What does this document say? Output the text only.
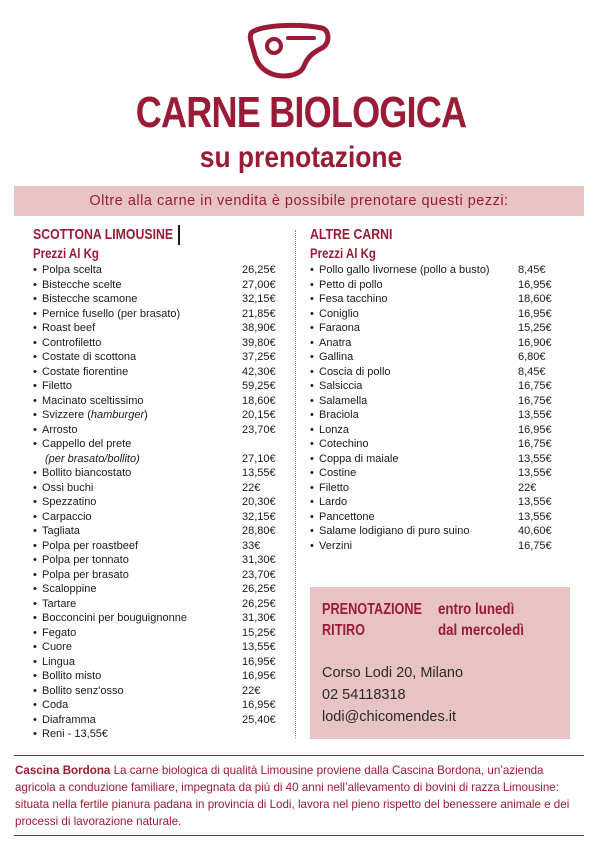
CARNE BIOLOGICA
su prenotazione
Oltre alla carne in vendita è possibile prenotare questi pezzi:
SCOTTONA LIMOUSINE
Prezzi Al Kg
ALTRE CARNI
Prezzi Al Kg
• Polpa scelta	26,25€
• Bistecche scelte	27,00€
• Bistecche scamone	32,15€
• Pernice fusello (per brasato)	21,85€
• Roast beef	38,90€
• Controfiletto	39,80€
• Costate di scottona	37,25€
• Costate fiorentine	42,30€
• Filetto	59,25€
• Macinato sceltissimo	18,60€
• Svizzere (hamburger)	20,15€
• Arrosto	23,70€
• Cappello del prete
(per brasato/bollito)	27,10€
• Bollito biancostato	13,55€
• Ossi buchi	22€
• Spezzatino	20,30€
• Carpaccio	32,15€
• Tagliata	28,80€
• Polpa per roastbeef	33€
• Polpa per tonnato	31,30€
• Polpa per brasato	23,70€
• Scaloppine	26,25€
• Tartare	26,25€
• Bocconcini per bouguignonne	31,30€
• Fegato	15,25€
• Cuore	13,55€
• Lingua	16,95€
• Bollito misto	16,95€
• Bollito senz'osso	22€
• Coda	16,95€
• Diaframma	25,40€
• Reni - 13,55€
• Pollo gallo livornese (pollo a busto)	8,45€
• Petto di pollo	16,95€
• Fesa tacchino	18,60€
• Coniglio	16,95€
• Faraona	15,25€
• Anatra	16,90€
• Gallina	6,80€
• Coscia di pollo	8,45€
• Salsiccia	16,75€
• Salamella	16,75€
• Braciola	13,55€
• Lonza	16,95€
• Cotechino	16,75€
• Coppa di maiale	13,55€
• Costine	13,55€
• Filetto	22€
• Lardo	13,55€
• Pancettone	13,55€
• Salame lodigiano di puro suino	40,60€
• Verzini	16,75€
PRENOTAZIONE entro lunedì
RITIRO	dal mercoledì
Corso Lodi 20, Milano
02 54118318
lodi@chicomendes.it
Cascina Bordona La carne biologica di qualità Limousine proviene dalla Cascina Bordona, un’azienda agricola a conduzione familiare, impegnata da più di 40 anni nell’allevamento di bovini di razza Limousine: situata nella fertile pianura padana in provincia di Lodi, lavora nel pieno rispetto del benessere animale e dei processi di lavorazione naturale.
